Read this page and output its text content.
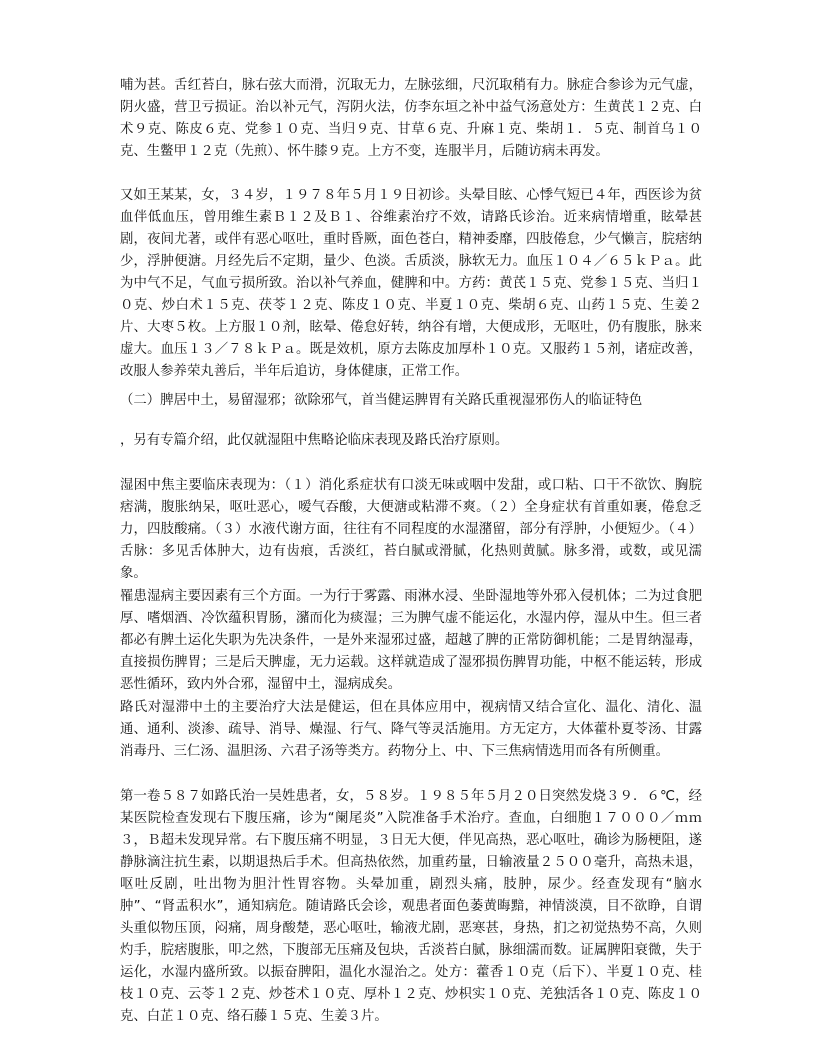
哺为甚。舌红苔白，脉右弦大而滑，沉取无力，左脉弦细，尺沉取稍有力。脉症合参诊为元气虚，阴火盛，营卫亏损证。治以补元气，泻阴火法，仿李东垣之补中益气汤意处方：生黄芪１２克、白术９克、陈皮６克、党参１０克、当归９克、甘草６克、升麻１克、柴胡１．５克、制首乌１０克、生鳖甲１２克（先煎）、怀牛膝９克。上方不变，连服半月，后随访病未再发。

又如王某某，女，３４岁，１９７８年５月１９日初诊。头晕目眩、心悸气短已４年，西医诊为贫血伴低血压，曾用维生素Ｂ１２及Ｂ１、谷维素治疗不效，请路氏诊治。近来病情增重，眩晕甚剧，夜间尤著，或伴有恶心呕吐，重时昏厥，面色苍白，精神委靡，四肢倦怠，少气懒言，脘痞纳少，浮肿便溏。月经先后不定期，量少、色淡。舌质淡，脉软无力。血压１０４／６５ｋＰａ。此为中气不足，气血亏损所致。治以补气养血，健脾和中。方药：黄芪１５克、党参１５克、当归１０克、炒白术１５克、茯苓１２克、陈皮１０克、半夏１０克、柴胡６克、山药１５克、生姜２片、大枣５枚。上方服１０剂，眩晕、倦怠好转，纳谷有增，大便成形，无呕吐，仍有腹胀，脉来虚大。血压１３／７８ｋＰａ。既是效机，原方去陈皮加厚朴１０克。又服药１５剂，诸症改善，改服人参养荣丸善后，半年后追访，身体健康，正常工作。

（二）脾居中土，易留湿邪；欲除邪气，首当健运脾胃有关路氏重视湿邪伤人的临证特色

，另有专篇介绍，此仅就湿阻中焦略论临床表现及路氏治疗原则。

湿困中焦主要临床表现为：（１）消化系症状有口淡无味或咽中发甜，或口粘、口干不欲饮、胸脘痞满，腹胀纳呆，呕吐恶心，嗳气吞酸，大便溏或粘滞不爽。（２）全身症状有首重如裹，倦怠乏力，四肢酸痛。（３）水液代谢方面，往往有不同程度的水湿潴留，部分有浮肿，小便短少。（４）舌脉：多见舌体肿大，边有齿痕，舌淡红，苔白腻或滑腻，化热则黄腻。脉多滑，或数，或见濡象。

罹患湿病主要因素有三个方面。一为行于雾露、雨淋水浸、坐卧湿地等外邪入侵机体；二为过食肥厚、嗜烟酒、冷饮蕴积胃肠，瀦而化为痰湿；三为脾气虚不能运化，水湿内停，湿从中生。但三者都必有脾土运化失职为先决条件，一是外来湿邪过盛，超越了脾的正常防御机能；二是胃纳湿毒，直接损伤脾胃；三是后天脾虚，无力运载。这样就造成了湿邪损伤脾胃功能，中枢不能运转，形成恶性循环，致内外合邪，湿留中土，湿病成矣。

路氏对湿滞中土的主要治疗大法是健运，但在具体应用中，视病情又结合宣化、温化、清化、温通、通利、淡渗、疏导、消导、燥湿、行气、降气等灵活施用。方无定方，大体藿朴夏苓汤、甘露消毒丹、三仁汤、温胆汤、六君子汤等类方。药物分上、中、下三焦病情选用而各有所侧重。

第一卷５８７如路氏治一吴姓患者，女，５８岁。１９８５年５月２０日突然发烧３９．６℃，经某医院检查发现右下腹压痛，诊为“阑尾炎”入院准备手术治疗。查血，白细胞１７０００／ｍｍ３，Ｂ超未发现异常。右下腹压痛不明显，３日无大便，伴见高热，恶心呕吐，确诊为肠梗阻，遂静脉滴注抗生素，以期退热后手术。但高热依然，加重药量，日输液量２５００毫升，高热未退，呕吐反剧，吐出物为胆汁性胃容物。头晕加重，剧烈头痛，肢肿，尿少。经查发现有“脑水肿”、“肾盂积水”，通知病危。随请路氏会诊，观患者面色萎黄晦黯，神情淡漠，目不欲睁，自谓头重似物压顶，闷痛，周身酸楚，恶心呕吐，输液尤剧，恶寒甚，身热，扪之初觉热势不高，久则灼手，脘痞腹胀，叩之然，下腹部无压痛及包块，舌淡苔白腻，脉细濡而数。证属脾阳衰微，失于运化，水湿内盛所致。以振奋脾阳，温化水湿治之。处方：藿香１０克（后下）、半夏１０克、桂枝１０克、云苓１２克、炒苍术１０克、厚朴１２克、炒枳实１０克、羌独活各１０克、陈皮１０克、白芷１０克、络石藤１５克、生姜３片。
